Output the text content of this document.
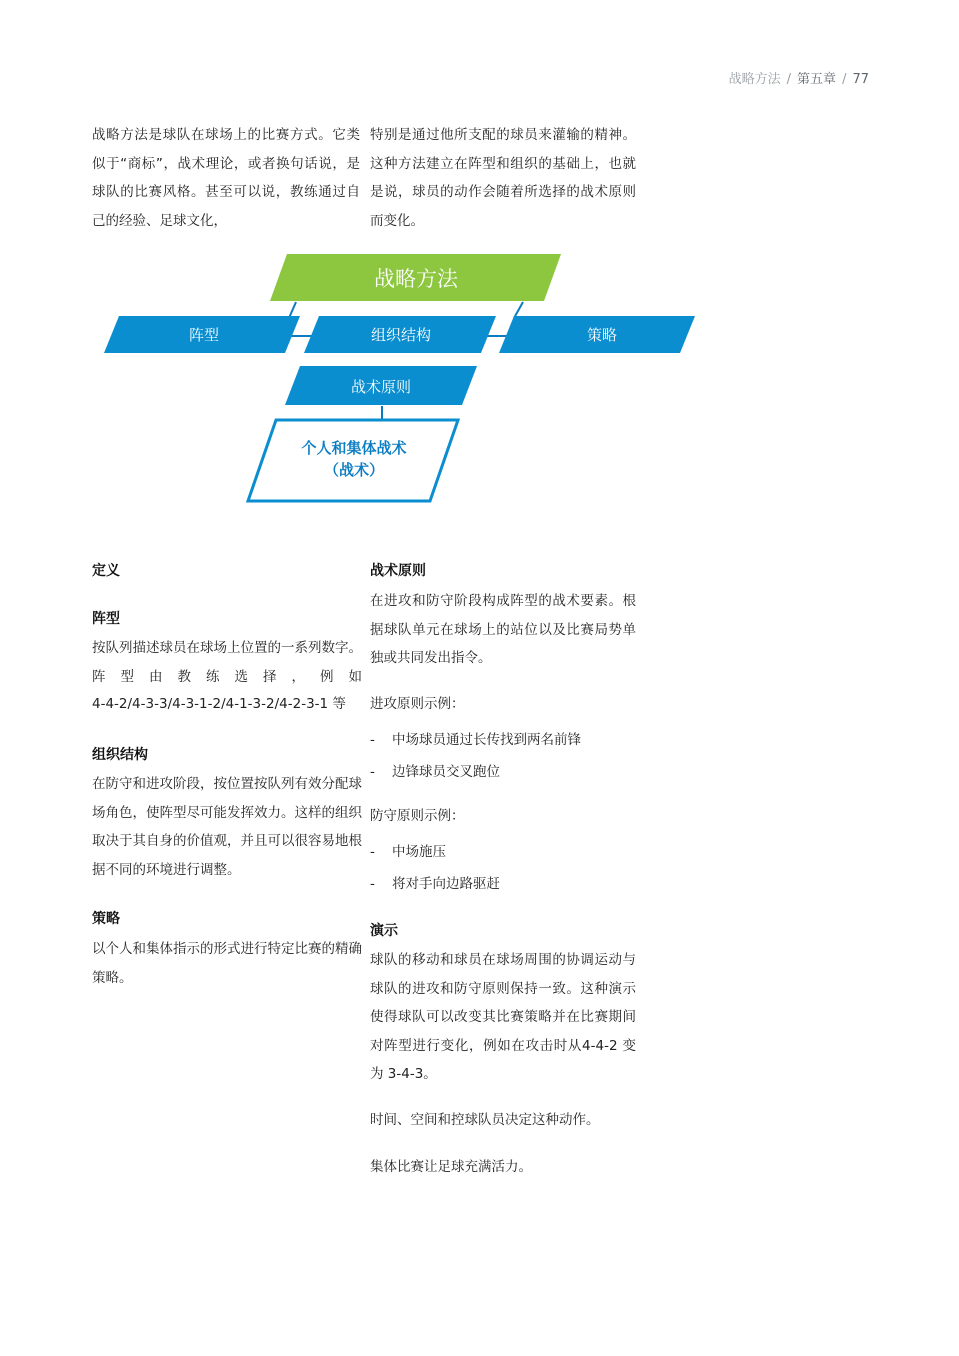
战略方法 / 第五章 / 77

战略方法是球队在球场上的比赛方式。它类似于“商标”，战术理论，或者换句话说，是球队的比赛风格。甚至可以说，教练通过自己的经验、足球文化，

特别是通过他所支配的球员来灌输的精神。这种方法建立在阵型和组织的基础上，也就是说，球员的动作会随着所选择的战术原则而变化。

战略方法
阵型	组织结构	策略
战术原则
个人和集体战术
（战术）
定义
阵型

按队列描述球员在球场上位置的一系列数字。阵型由教练选择，例如

4-4-2/4-3-3/4-3-1-2/4-1-3-2/4-2-3-1 等

组织结构

在防守和进攻阶段，按位置按队列有效分配球场角色，使阵型尽可能发挥效力。这样的组织取决于其自身的价值观，并且可以很容易地根据不同的环境进行调整。

策略

以个人和集体指示的形式进行特定比赛的精确策略。

战术原则

在进攻和防守阶段构成阵型的战术要素。根据球队单元在球场上的站位以及比赛局势单独或共同发出指令。

进攻原则示例：

- 中场球员通过长传找到两名前锋
- 边锋球员交叉跑位

防守原则示例：

- 中场施压
- 将对手向边路驱赶
演示

球队的移动和球员在球场周围的协调运动与球队的进攻和防守原则保持一致。这种演示使得球队可以改变其比赛策略并在比赛期间对阵型进行变化，例如在攻击时从4-4-2 变为 3-4-3。

时间、空间和控球队员决定这种动作。

集体比赛让足球充满活力。
